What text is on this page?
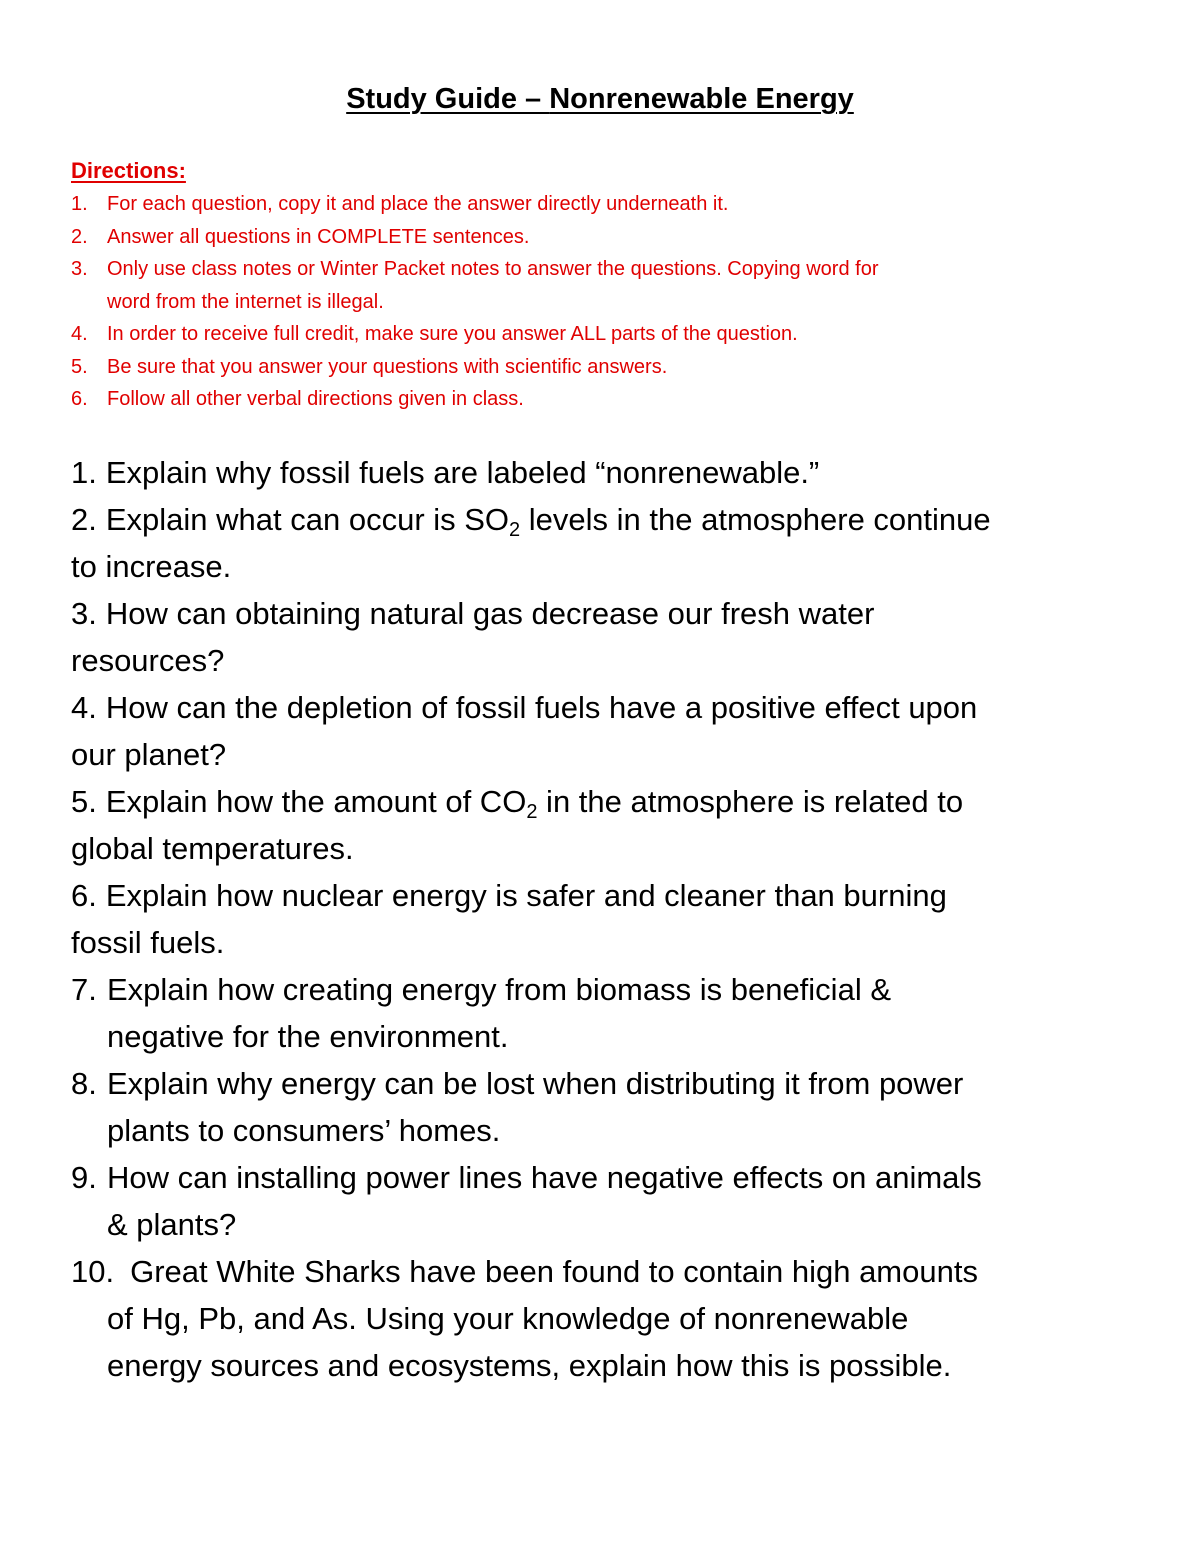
Study Guide – Nonrenewable Energy

Directions:

1. For each question, copy it and place the answer directly underneath it.
2. Answer all questions in COMPLETE sentences.
3. Only use class notes or Winter Packet notes to answer the questions. Copying word for
word from the internet is illegal.
4. In order to receive full credit, make sure you answer ALL parts of the question.
5. Be sure that you answer your questions with scientific answers.
6. Follow all other verbal directions given in class.
1. Explain why fossil fuels are labeled “nonrenewable.”
2. Explain what can occur is $SO_2$ levels in the atmosphere continue
to increase.
3. How can obtaining natural gas decrease our fresh water
resources?
4. How can the depletion of fossil fuels have a positive effect upon
our planet?
5. Explain how the amount of $CO_2$ in the atmosphere is related to
global temperatures.
6. Explain how nuclear energy is safer and cleaner than burning
fossil fuels.
7. Explain how creating energy from biomass is beneficial &
negative for the environment.
8. Explain why energy can be lost when distributing it from power
plants to consumers’ homes.
9. How can installing power lines have negative effects on animals
& plants?
10. Great White Sharks have been found to contain high amounts
of Hg, Pb, and As. Using your knowledge of nonrenewable
energy sources and ecosystems, explain how this is possible.
